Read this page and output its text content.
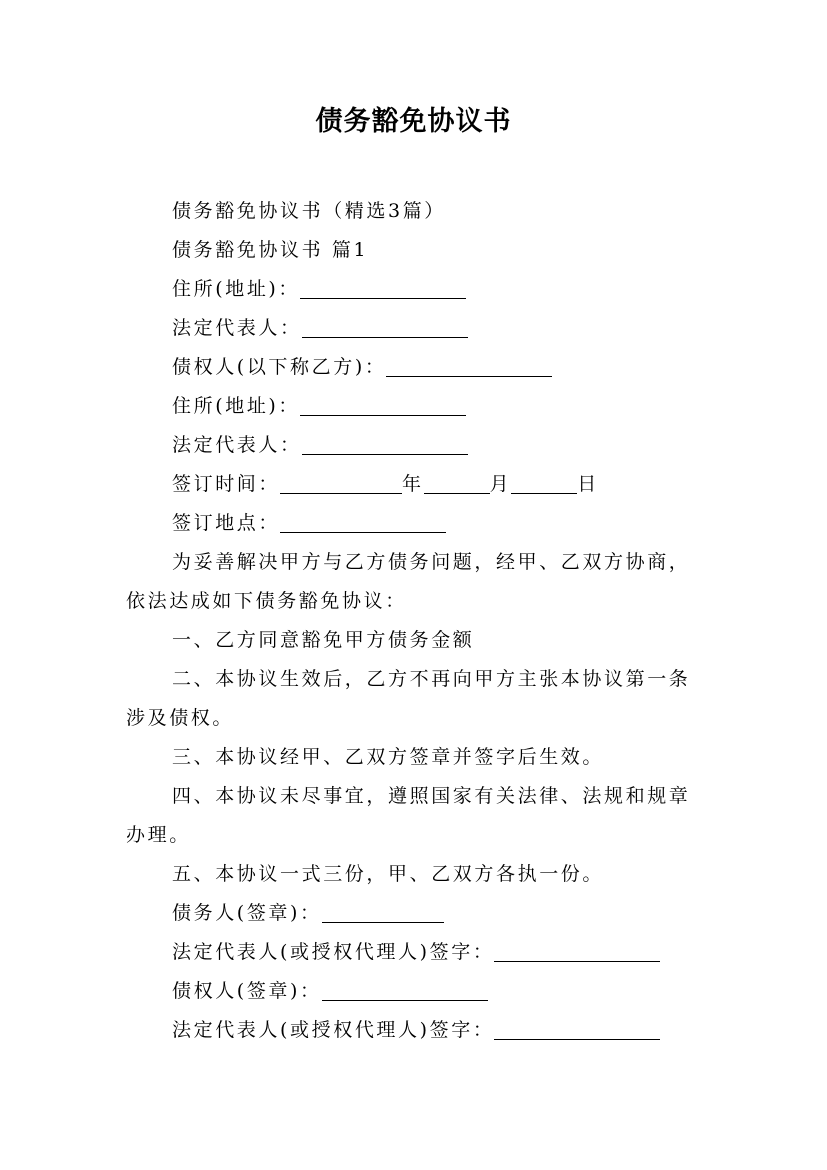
债务豁免协议书
债务豁免协议书（精选3篇）
债务豁免协议书 篇1
住所(地址)：
法定代表人：
债权人(以下称乙方)：
住所(地址)：
法定代表人：
签订时间：	年	月	日
签订地点：
为妥善解决甲方与乙方债务问题，经甲、乙双方协商，
依法达成如下债务豁免协议：
一、乙方同意豁免甲方债务金额
二、本协议生效后，乙方不再向甲方主张本协议第一条
涉及债权。
三、本协议经甲、乙双方签章并签字后生效。
四、本协议未尽事宜，遵照国家有关法律、法规和规章
办理。
五、本协议一式三份，甲、乙双方各执一份。
债务人(签章)：
法定代表人(或授权代理人)签字：
债权人(签章)：
法定代表人(或授权代理人)签字：
